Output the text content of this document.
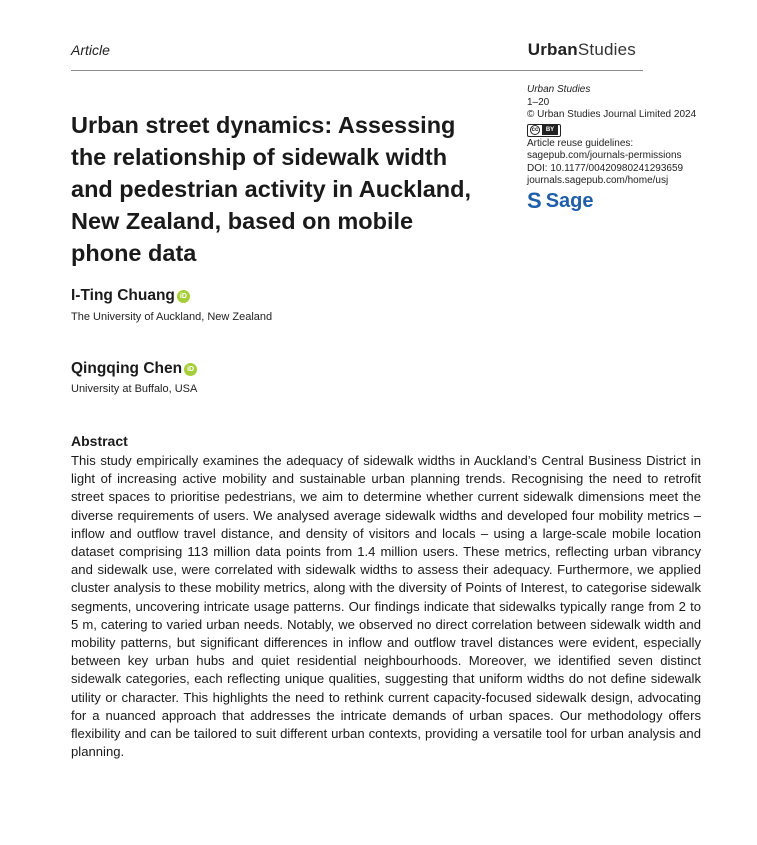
Article	UrbanStudies
Urban street dynamics: Assessing the relationship of sidewalk width and pedestrian activity in Auckland, New Zealand, based on mobile phone data
Urban Studies
1–20
© Urban Studies Journal Limited 2024
cc	BY
Article reuse guidelines:
sagepub.com/journals-permissions
DOI: 10.1177/00420980241293659
journals.sagepub.com/home/usj
S Sage
I-Ting Chuang iD
The University of Auckland, New Zealand
Qingqing Chen iD
University at Buffalo, USA
Abstract

This study empirically examines the adequacy of sidewalk widths in Auckland’s Central Business District in light of increasing active mobility and sustainable urban planning trends. Recognising the need to retrofit street spaces to prioritise pedestrians, we aim to determine whether current sidewalk dimensions meet the diverse requirements of users. We analysed average sidewalk widths and developed four mobility metrics – inflow and outflow travel distance, and density of visitors and locals – using a large-scale mobile location dataset comprising 113 million data points from 1.4 million users. These metrics, reflecting urban vibrancy and sidewalk use, were correlated with sidewalk widths to assess their adequacy. Furthermore, we applied cluster analysis to these mobility metrics, along with the diversity of Points of Interest, to categorise sidewalk segments, uncovering intricate usage patterns. Our findings indicate that sidewalks typically range from 2 to 5 m, catering to varied urban needs. Notably, we observed no direct correlation between sidewalk width and mobility patterns, but significant differences in inflow and outflow travel distances were evident, especially between key urban hubs and quiet residential neighbourhoods. Moreover, we identified seven distinct sidewalk categories, each reflecting unique qualities, suggesting that uniform widths do not define sidewalk utility or character. This highlights the need to rethink current capacity-focused sidewalk design, advocating for a nuanced approach that addresses the intricate demands of urban spaces. Our methodology offers flexibility and can be tailored to suit different urban contexts, providing a versatile tool for urban analysis and planning.
